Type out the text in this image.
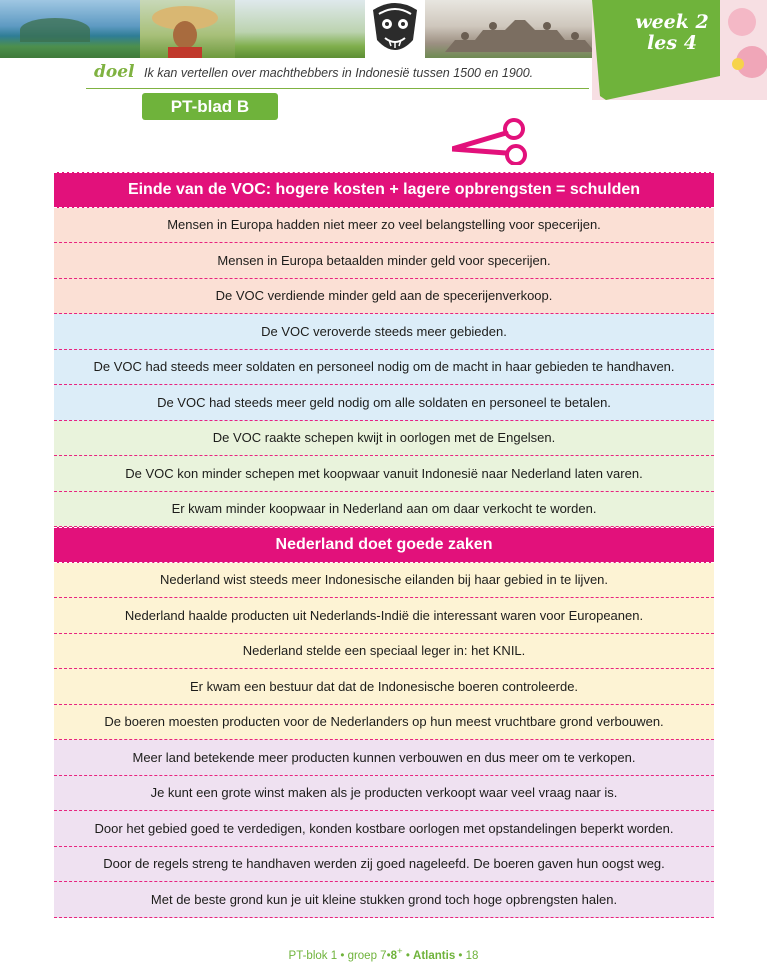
week 2
les 4
doel Ik kan vertellen over machthebbers in Indonesië tussen 1500 en 1900.
PT-blad B
Einde van de VOC: hogere kosten + lagere opbrengsten = schulden
Mensen in Europa hadden niet meer zo veel belangstelling voor specerijen.
Mensen in Europa betaalden minder geld voor specerijen.
De VOC verdiende minder geld aan de specerijenverkoop.
De VOC veroverde steeds meer gebieden.
De VOC had steeds meer soldaten en personeel nodig om de macht in haar gebieden te handhaven.
De VOC had steeds meer geld nodig om alle soldaten en personeel te betalen.
De VOC raakte schepen kwijt in oorlogen met de Engelsen.
De VOC kon minder schepen met koopwaar vanuit Indonesië naar Nederland laten varen.
Er kwam minder koopwaar in Nederland aan om daar verkocht te worden.
Nederland doet goede zaken
Nederland wist steeds meer Indonesische eilanden bij haar gebied in te lijven.
Nederland haalde producten uit Nederlands-Indië die interessant waren voor Europeanen.
Nederland stelde een speciaal leger in: het KNIL.
Er kwam een bestuur dat dat de Indonesische boeren controleerde.
De boeren moesten producten voor de Nederlanders op hun meest vruchtbare grond verbouwen.
Meer land betekende meer producten kunnen verbouwen en dus meer om te verkopen.
Je kunt een grote winst maken als je producten verkoopt waar veel vraag naar is.
Door het gebied goed te verdedigen, konden kostbare oorlogen met opstandelingen beperkt worden.
Door de regels streng te handhaven werden zij goed nageleefd. De boeren gaven hun oogst weg.
Met de beste grond kun je uit kleine stukken grond toch hoge opbrengsten halen.
PT-blok 1 • groep 7•8+ • Atlantis • 18
